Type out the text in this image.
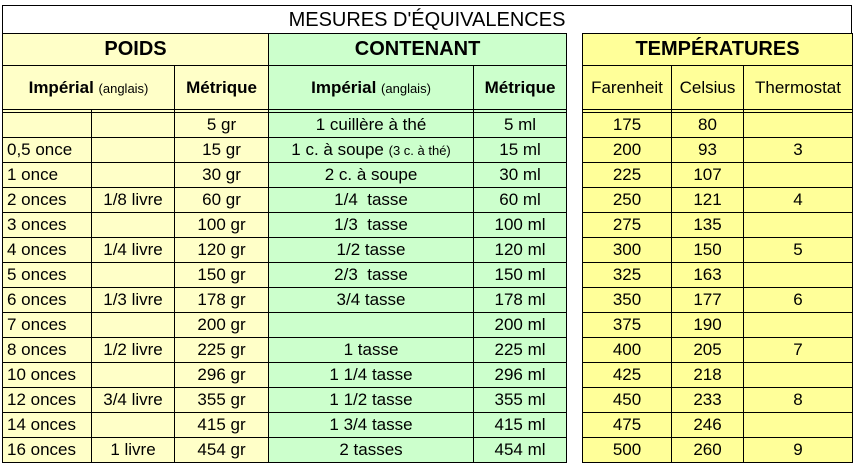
MESURES D'ÉQUIVALENCES
POIDS			CONTENANT	
Impérial (anglais)		Métrique	Impérial (anglais)	Métrique

		5 gr	1 cuillère à thé	5 ml
0,5 once		15 gr	1 c. à soupe (3 c. à thé)	15 ml
1 once		30 gr	2 c. à soupe	30 ml
2 onces	1/8 livre	60 gr	1/4  tasse	60 ml
3 onces		100 gr	1/3  tasse	100 ml
4 onces	1/4 livre	120 gr	1/2 tasse	120 ml
5 onces		150 gr	2/3  tasse	150 ml
6 onces	1/3 livre	178 gr	3/4 tasse	178 ml
7 onces		200 gr		200 ml
8 onces	1/2 livre	225 gr	1 tasse	225 ml
10 onces		296 gr	1 1/4 tasse	296 ml
12 onces	3/4 livre	355 gr	1 1/2 tasse	355 ml
14 onces		415 gr	1 3/4 tasse	415 ml
16 onces	1 livre	454 gr	2 tasses	454 ml
TEMPÉRATURES		
Farenheit	Celsius	Thermostat

175	80	
200	93	3
225	107	
250	121	4
275	135	
300	150	5
325	163	
350	177	6
375	190	
400	205	7
425	218	
450	233	8
475	246	
500	260	9
